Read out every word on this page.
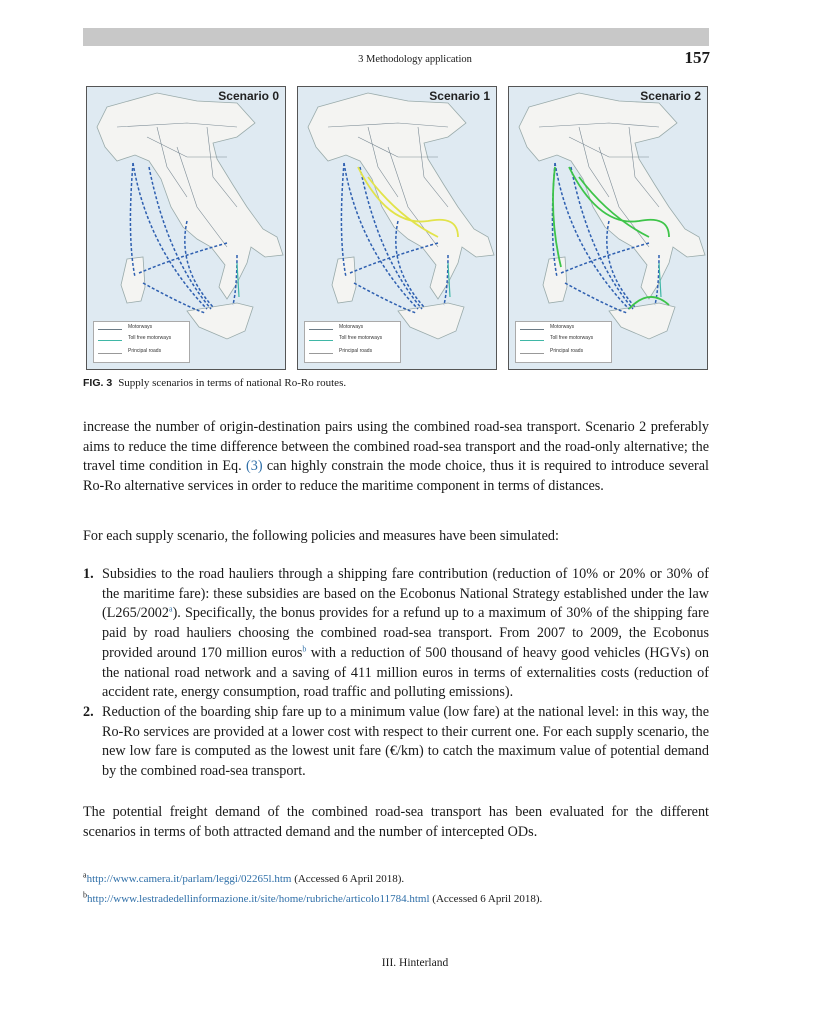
3 Methodology application	157
Scenario 0
Motorways
Toll free motorways
Principal roads
Scenario 1
Motorways
Toll free motorways
Principal roads
Scenario 2
Motorways
Toll free motorways
Principal roads
FIG. 3 Supply scenarios in terms of national Ro-Ro routes.
increase the number of origin-destination pairs using the combined road-sea transport. Scenario 2 preferably aims to reduce the time difference between the combined road-sea transport and the road-only alternative; the travel time condition in Eq. (3) can highly constrain the mode choice, thus it is required to introduce several Ro-Ro alternative services in order to reduce the maritime component in terms of distances.
For each supply scenario, the following policies and measures have been simulated:
1. Subsidies to the road hauliers through a shipping fare contribution (reduction of 10% or 20% or 30% of the maritime fare): these subsidies are based on the Ecobonus National Strategy established under the law (L265/2002$^a$). Specifically, the bonus provides for a refund up to a maximum of 30% of the shipping fare paid by road hauliers choosing the combined road-sea transport. From 2007 to 2009, the Ecobonus provided around 170 million euros$^b$ with a reduction of 500 thousand of heavy good vehicles (HGVs) on the national road network and a saving of 411 million euros in terms of externalities costs (reduction of accident rate, energy consumption, road traffic and polluting emissions).
2. Reduction of the boarding ship fare up to a minimum value (low fare) at the national level: in this way, the Ro-Ro services are provided at a lower cost with respect to their current one. For each supply scenario, the new low fare is computed as the lowest unit fare (€/km) to catch the maximum value of potential demand by the combined road-sea transport.
The potential freight demand of the combined road-sea transport has been evaluated for the different scenarios in terms of both attracted demand and the number of intercepted ODs.
$^a$http://www.camera.it/parlam/leggi/02265l.htm (Accessed 6 April 2018).
$^b$http://www.lestradedellinformazione.it/site/home/rubriche/articolo11784.html (Accessed 6 April 2018).
III. Hinterland
